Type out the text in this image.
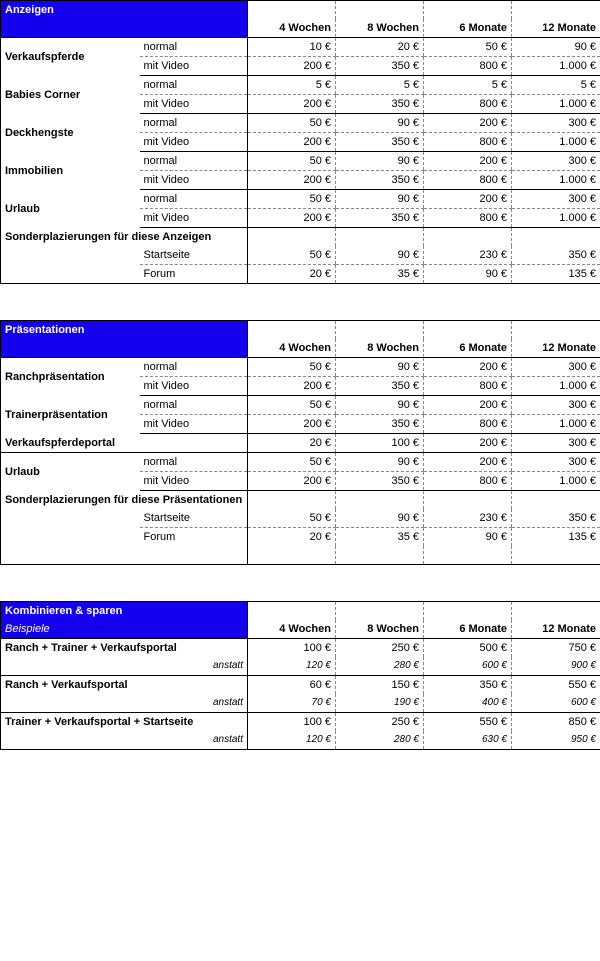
Anzeigen					

		4 Wochen	8 Wochen	6 Monate	12 Monate

Verkaufspferde	normal	10 €	20 €	50 €	90 €

	mit Video	200 €	350 €	800 €	1.000 €

Babies Corner	normal	5 €	5 €	5 €	5 €

	mit Video	200 €	350 €	800 €	1.000 €

Deckhengste	normal	50 €	90 €	200 €	300 €

	mit Video	200 €	350 €	800 €	1.000 €

Immobilien	normal	50 €	90 €	200 €	300 €

	mit Video	200 €	350 €	800 €	1.000 €

Urlaub	normal	50 €	90 €	200 €	300 €

	mit Video	200 €	350 €	800 €	1.000 €

Sonderplazierungen für diese Anzeigen					

	Startseite	50 €	90 €	230 €	350 €

	Forum	20 €	35 €	90 €	135 €

Präsentationen					

		4 Wochen	8 Wochen	6 Monate	12 Monate

Ranchpräsentation	normal	50 €	90 €	200 €	300 €

	mit Video	200 €	350 €	800 €	1.000 €

Trainerpräsentation	normal	50 €	90 €	200 €	300 €

	mit Video	200 €	350 €	800 €	1.000 €

Verkaufspferdeportal		20 €	100 €	200 €	300 €

Urlaub	normal	50 €	90 €	200 €	300 €

	mit Video	200 €	350 €	800 €	1.000 €

Sonderplazierungen für diese Präsentationen					

	Startseite	50 €	90 €	230 €	350 €

	Forum	20 €	35 €	90 €	135 €

Kombinieren & sparen					

Beispiele		4 Wochen	8 Wochen	6 Monate	12 Monate

Ranch + Trainer + Verkaufsportal		100 €	250 €	500 €	750 €

anstatt		120 €	280 €	600 €	900 €

Ranch + Verkaufsportal		60 €	150 €	350 €	550 €

anstatt		70 €	190 €	400 €	600 €

Trainer + Verkaufsportal + Startseite		100 €	250 €	550 €	850 €

anstatt		120 €	280 €	630 €	950 €
